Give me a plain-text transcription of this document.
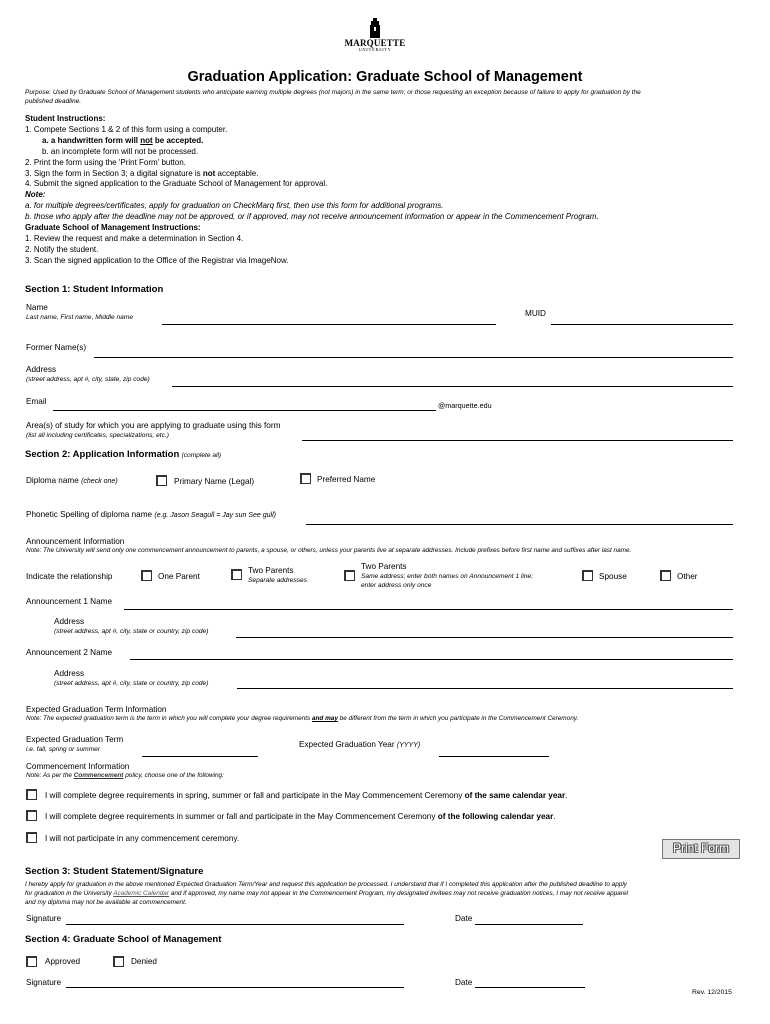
MARQUETTE
UNIVERSITY
Graduation Application: Graduate School of Management
Purpose: Used by Graduate School of Management students who anticipate earning multiple degrees (not majors) in the same term; or those requesting an exception because of failure to apply for graduation by the
published deadline.
Student Instructions:
1. Compete Sections 1 & 2 of this form using a computer.
a. a handwritten form will not be accepted.
b. an incomplete form will not be processed.
2. Print the form using the 'Print Form' button.
3. Sign the form in Section 3; a digital signature is not acceptable.
4. Submit the signed application to the Graduate School of Management for approval.
Note:
a. for multiple degrees/certificates, apply for graduation on CheckMarq first, then use this form for additional programs.
b. those who apply after the deadline may not be approved, or if approved, may not receive announcement information or appear in the Commencement Program.
Graduate School of Management Instructions:
1. Review the request and make a determination in Section 4.
2. Notify the student.
3. Scan the signed application to the Office of the Registrar via ImageNow.
Section 1: Student Information
Name
Last name, First name, Middle name	MUID
Former Name(s)
Address
(street address, apt #, city, state, zip code)
Email	@marquette.edu
Area(s) of study for which you are applying to graduate using this form
(list all including certificates, specializations, etc.)
Section 2: Application Information (complete all)
Diploma name (check one)	Primary Name (Legal)	Preferred Name
Phonetic Spelling of diploma name (e.g. Jason Seagull = Jay sun See gull)
Announcement Information
Note: The University will send only one commencement announcement to parents, a spouse, or others, unless your parents live at separate addresses. Include prefixes before first name and suffixes after last name.
Indicate the relationship	One Parent
Two Parents
Separate addresses
Two Parents
Same address; enter both names on Announcement 1 line;
enter address only once
Spouse	Other
Announcement 1 Name
Address
(street address, apt #, city, state or country, zip code)
Announcement 2 Name
Address
(street address, apt #, city, state or country, zip code)
Expected Graduation Term Information
Note: The expected graduation term is the term in which you will complete your degree requirements and may be different from the term in which you participate in the Commencement Ceremony.
Expected Graduation Term
i.e. fall, spring or summer
Expected Graduation Year (YYYY)
Commencement Information
Note: As per the Commencement policy, choose one of the following:
I will complete degree requirements in spring, summer or fall and participate in the May Commencement Ceremony of the same calendar year.
I will complete degree requirements in summer or fall and participate in the May Commencement Ceremony of the following calendar year.
I will not participate in any commencement ceremony.
Print Form
Section 3: Student Statement/Signature
I hereby apply for graduation in the above mentioned Expected Graduation Term/Year and request this application be processed. I understand that if I completed this application after the published deadline to apply
for graduation in the University Academic Calendar and if approved, my name may not appear in the Commencement Program, my designated invitees may not receive graduation notices, I may not receive apparel
and my diploma may not be available at commencement.
Signature	Date
Section 4: Graduate School of Management
Approved	Denied
Signature	Date
Rev. 12/2015
